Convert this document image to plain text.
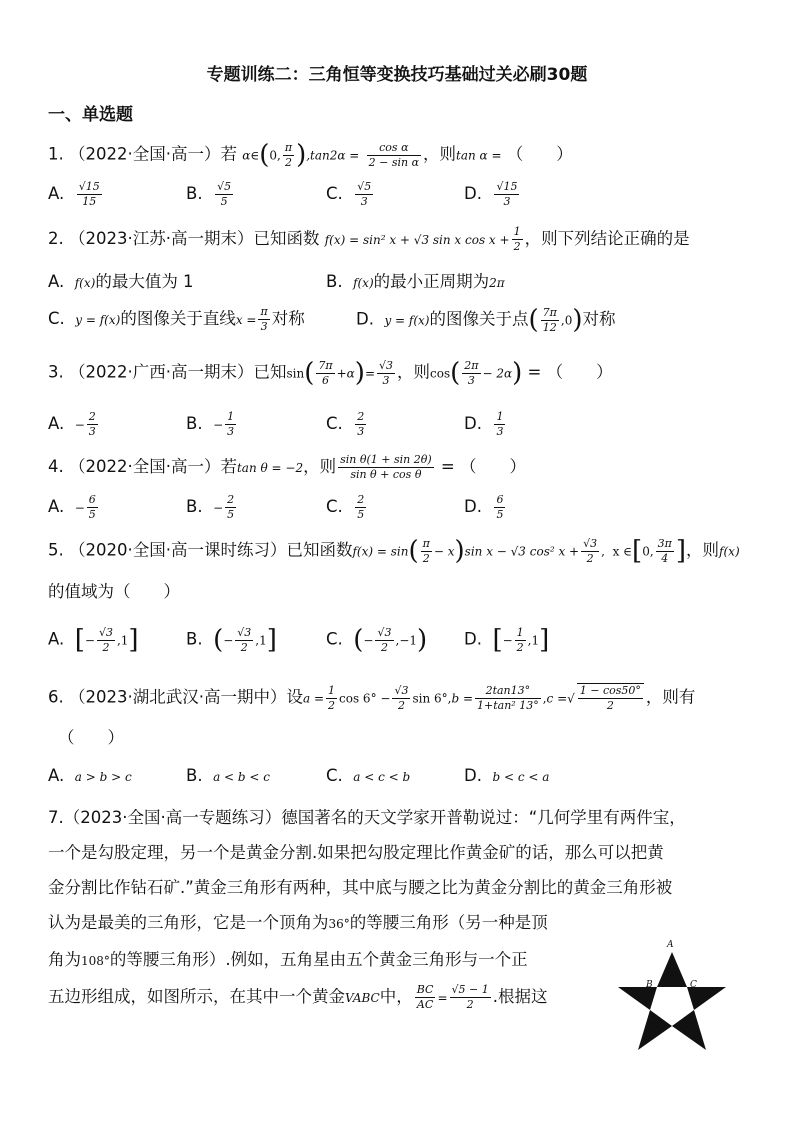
专题训练二：三角恒等变换技巧基础过关必刷30题
一、单选题
1. （2022·全国·高一）若 α∈(0, $\frac{\pi}{2} ),\tan 2\alpha = \frac{\text{cos α}}{\text{2 − sin α}}$ ，则tan α = （　　）
A. $\frac{√15}{15}$	B. $\frac{√5}{5}$	C. $\frac{√5}{3}$	D. $\frac{√15}{3}$
2. （2023·江苏·高一期末）已知函数 f(x) = sin² x + √3 sin x $\cos x + \frac{1}{2}$ ，则下列结论正确的是
A.  f(x)的最大值为 1	B.  f(x)的最小正周期为2π
C.  y = f(x)的图像关于直线$x = \frac{\pi}{3}$ 对称	D.  y = f(x)的图像关于点( $\frac{7\pi}{12} ,0$)对称
3. （2022·广西·高一期末）已知$\sin( \frac{7\pi}{6} +\alpha)= \frac{√3}{3}$ ，则$\cos( \frac{2\pi}{3} - 2\alpha)$ = （　　）
A.  − $\frac{2}{3}$	B.  − $\frac{1}{3}$	C. $\frac{2}{3}$	D. $\frac{1}{3}$
4. （2022·全国·高一）若tan θ = −2，则 $\frac{\text{sin θ(1 + sin 2θ)}}{\text{sin θ + cos θ}}$ = （　　）
A.  − $\frac{6}{5}$	B.  − $\frac{2}{5}$	C. $\frac{2}{5}$	D. $\frac{6}{5}$
5. （2020·全国·高一课时练习）已知函数$f(x) = \sin( \frac{\pi}{2} - x)\sin$ x − √3 cos² $x + \frac{√3}{2}$ ,  x ∈[0, $\frac{3\pi}{4}$ ]，则f(x)
的值域为（　　）
A.  [− $\frac{√3}{2} ,1$]	B.  (− $\frac{√3}{2} ,1$]	C.  (− $\frac{√3}{2} ,-1$) D.  [− $\frac{1}{2} ,1$]
6. （2023·湖北武汉·高一期中）设$a = \frac{1}{2}$ $\cos 6^\circ - \frac{√3}{2}$ $\sin 6^\circ,b = \frac{2\tan 13^\circ}{\text{1+tan² 13°}} ,c$ =√ $\frac{1 - \cos 50^\circ}{2}$ ，则有
（　　）
A.  a > b > c	B.  a < b < c	C.  a < c < b	D.  b < c < a
7.（2023·全国·高一专题练习）德国著名的天文学家开普勒说过：“几何学里有两件宝，
一个是勾股定理，另一个是黄金分割.如果把勾股定理比作黄金矿的话，那么可以把黄
金分割比作钻石矿.”黄金三角形有两种，其中底与腰之比为黄金分割比的黄金三角形被
认为是最美的三角形，它是一个顶角为36°的等腰三角形（另一种是顶
角为108°的等腰三角形）.例如，五角星由五个黄金三角形与一个正
五边形组成，如图所示，在其中一个黄金VABC中， $\frac{BC}{AC} = \frac{√5 - 1}{2}$ .根据这
A
B	C
